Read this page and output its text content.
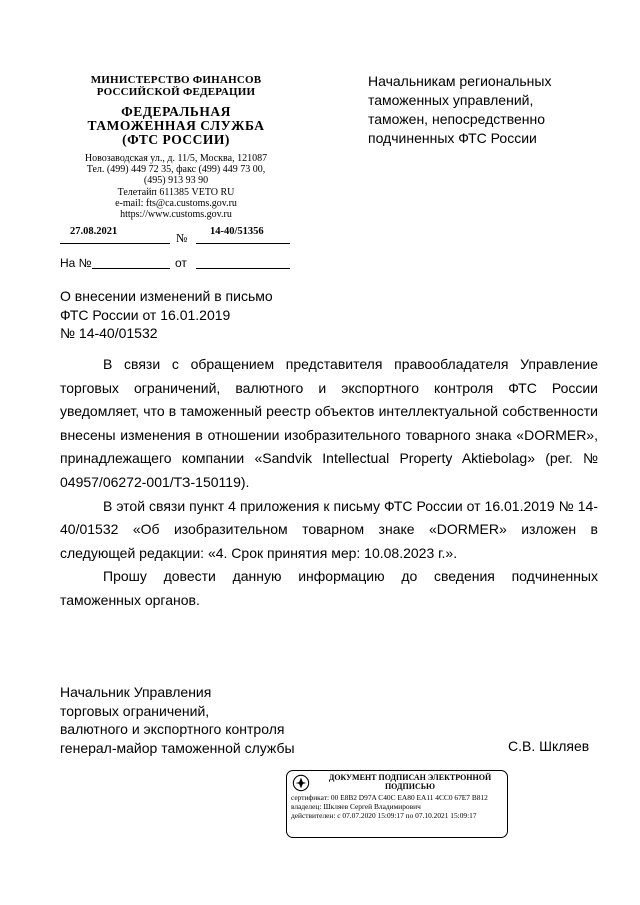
МИНИСТЕРСТВО ФИНАНСОВ
РОССИЙСКОЙ ФЕДЕРАЦИИ
ФЕДЕРАЛЬНАЯ
ТАМОЖЕННАЯ СЛУЖБА
(ФТС РОССИИ)
Новозаводская ул., д. 11/5, Москва, 121087
Тел. (499) 449 72 35, факс (499) 449 73 00,
(495) 913 93 90
Телетайп 611385 VETO RU
e-mail: fts@ca.customs.gov.ru
https://www.customs.gov.ru
27.08.2021	№ 14-40/51356
На №	от
Начальникам региональных таможенных управлений, таможен, непосредственно подчиненных ФТС России
О внесении изменений в письмо
ФТС России от 16.01.2019
№ 14-40/01532

В связи с обращением представителя правообладателя Управление торговых ограничений, валютного и экспортного контроля ФТС России уведомляет, что в таможенный реестр объектов интеллектуальной собственности внесены изменения в отношении изобразительного товарного знака «DORMER», принадлежащего компании «Sandvik Intellectual Property Aktiebolag» (рег. № 04957/06272-001/ТЗ-150119).

В этой связи пункт 4 приложения к письму ФТС России от 16.01.2019 № 14-40/01532 «Об изобразительном товарном знаке «DORMER» изложен в следующей редакции: «4. Срок принятия мер: 10.08.2023 г.».

Прошу довести данную информацию до сведения подчиненных таможенных органов.

Начальник Управления
торговых ограничений,
валютного и экспортного контроля
генерал-майор таможенной службы	С.В. Шкляев
ДОКУМЕНТ ПОДПИСАН ЭЛЕКТРОННОЙ ПОДПИСЬЮ
сертификат: 00 E8B2 D97A C40C EA80 EA11 4CC0 67E7 B812
владелец: Шкляев Сергей Владимирович
действителен: с 07.07.2020 15:09:17 по 07.10.2021 15:09:17
